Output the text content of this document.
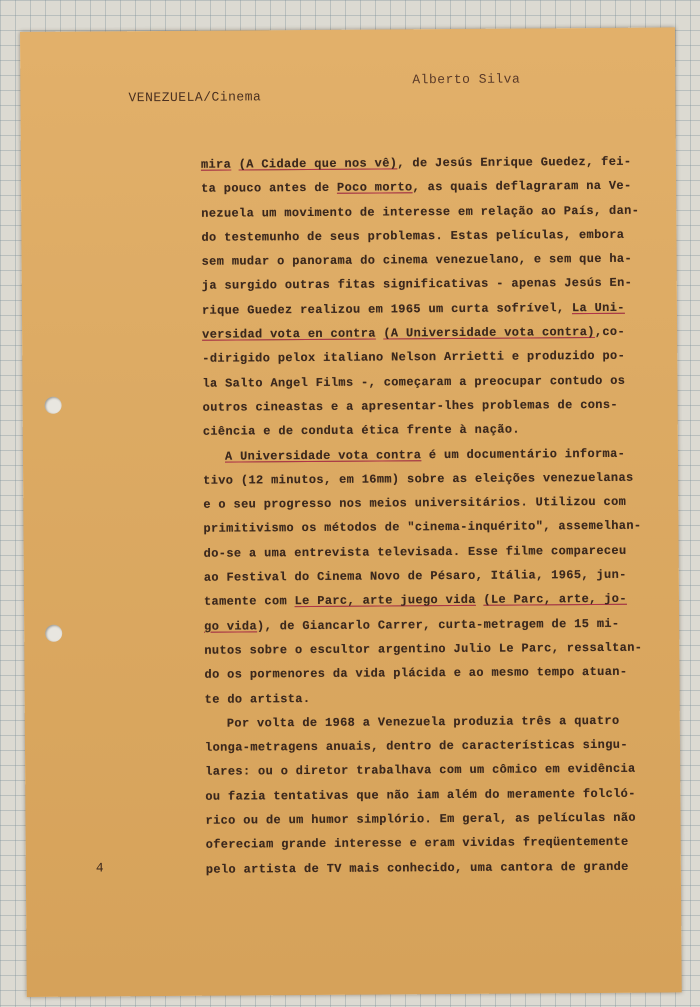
Alberto Silva
VENEZUELA/Cinema
mira (A Cidade que nos vê), de Jesús Enrique Guedez, fei-
ta pouco antes de Poco morto, as quais deflagraram na Ve-
nezuela um movimento de interesse em relação ao País, dan-
do testemunho de seus problemas. Estas películas, embora
sem mudar o panorama do cinema venezuelano, e sem que ha-
ja surgido outras fitas significativas - apenas Jesús En-
rique Guedez realizou em 1965 um curta sofrível, La Uni-
versidad vota en contra (A Universidade vota contra),co-
-dirigido pelox italiano Nelson Arrietti e produzido po-
la Salto Angel Films -, começaram a preocupar contudo os
outros cineastas e a apresentar-lhes problemas de cons-
ciência e de conduta ética frente à nação.
A Universidade vota contra é um documentário informa-
tivo (12 minutos, em 16mm) sobre as eleições venezuelanas
e o seu progresso nos meios universitários. Utilizou com
primitivismo os métodos de "cinema-inquérito", assemelhan-
do-se a uma entrevista televisada. Esse filme compareceu
ao Festival do Cinema Novo de Pésaro, Itália, 1965, jun-
tamente com Le Parc, arte juego vida (Le Parc, arte, jo-
go vida), de Giancarlo Carrer, curta-metragem de 15 mi-
nutos sobre o escultor argentino Julio Le Parc, ressaltan-
do os pormenores da vida plácida e ao mesmo tempo atuan-
te do artista.
Por volta de 1968 a Venezuela produzia três a quatro
longa-metragens anuais, dentro de características singu-
lares: ou o diretor trabalhava com um cômico em evidência
ou fazia tentativas que não iam além do meramente folcló-
rico ou de um humor simplório. Em geral, as películas não
ofereciam grande interesse e eram vividas freqüentemente
pelo artista de TV mais conhecido, uma cantora de grande
4
